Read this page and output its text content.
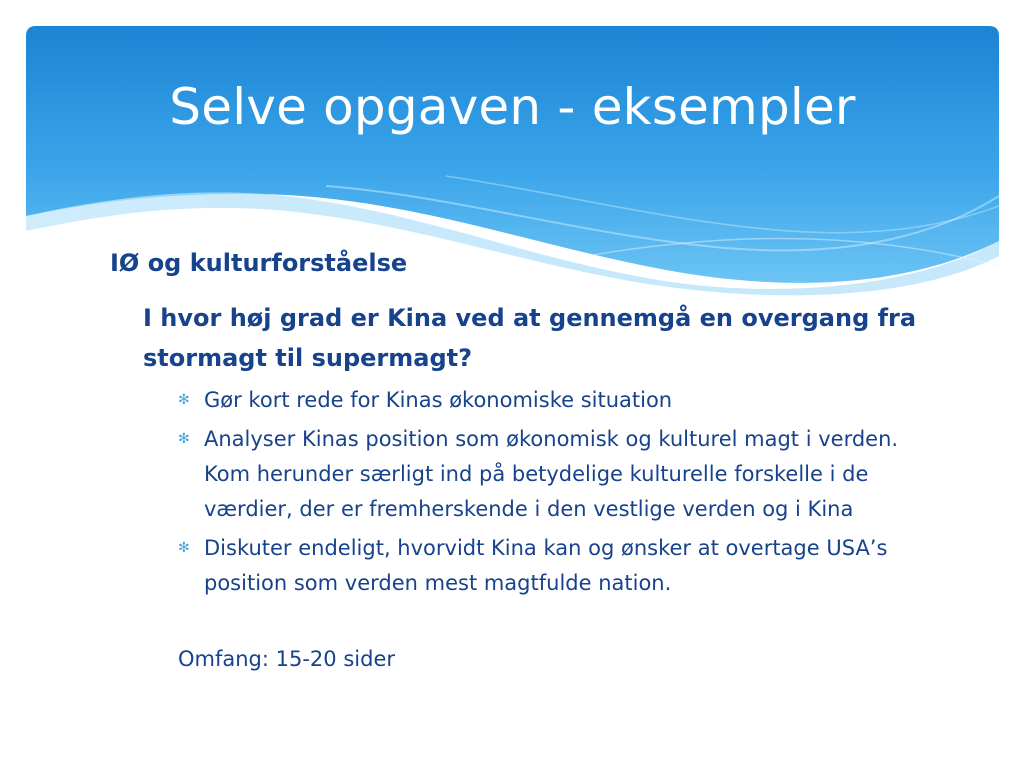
Selve opgaven - eksempler

IØ og kulturforståelse

I hvor høj grad er Kina ved at gennemgå en overgang fra stormagt til supermagt?

✻ Gør kort rede for Kinas økonomiske situation
✻ Analyser Kinas position som økonomisk og kulturel magt i verden. Kom herunder særligt ind på betydelige kulturelle forskelle i de værdier, der er fremherskende i den vestlige verden og i Kina
✻ Diskuter endeligt, hvorvidt Kina kan og ønsker at overtage USA’s position som verden mest magtfulde nation.

Omfang: 15-20 sider
